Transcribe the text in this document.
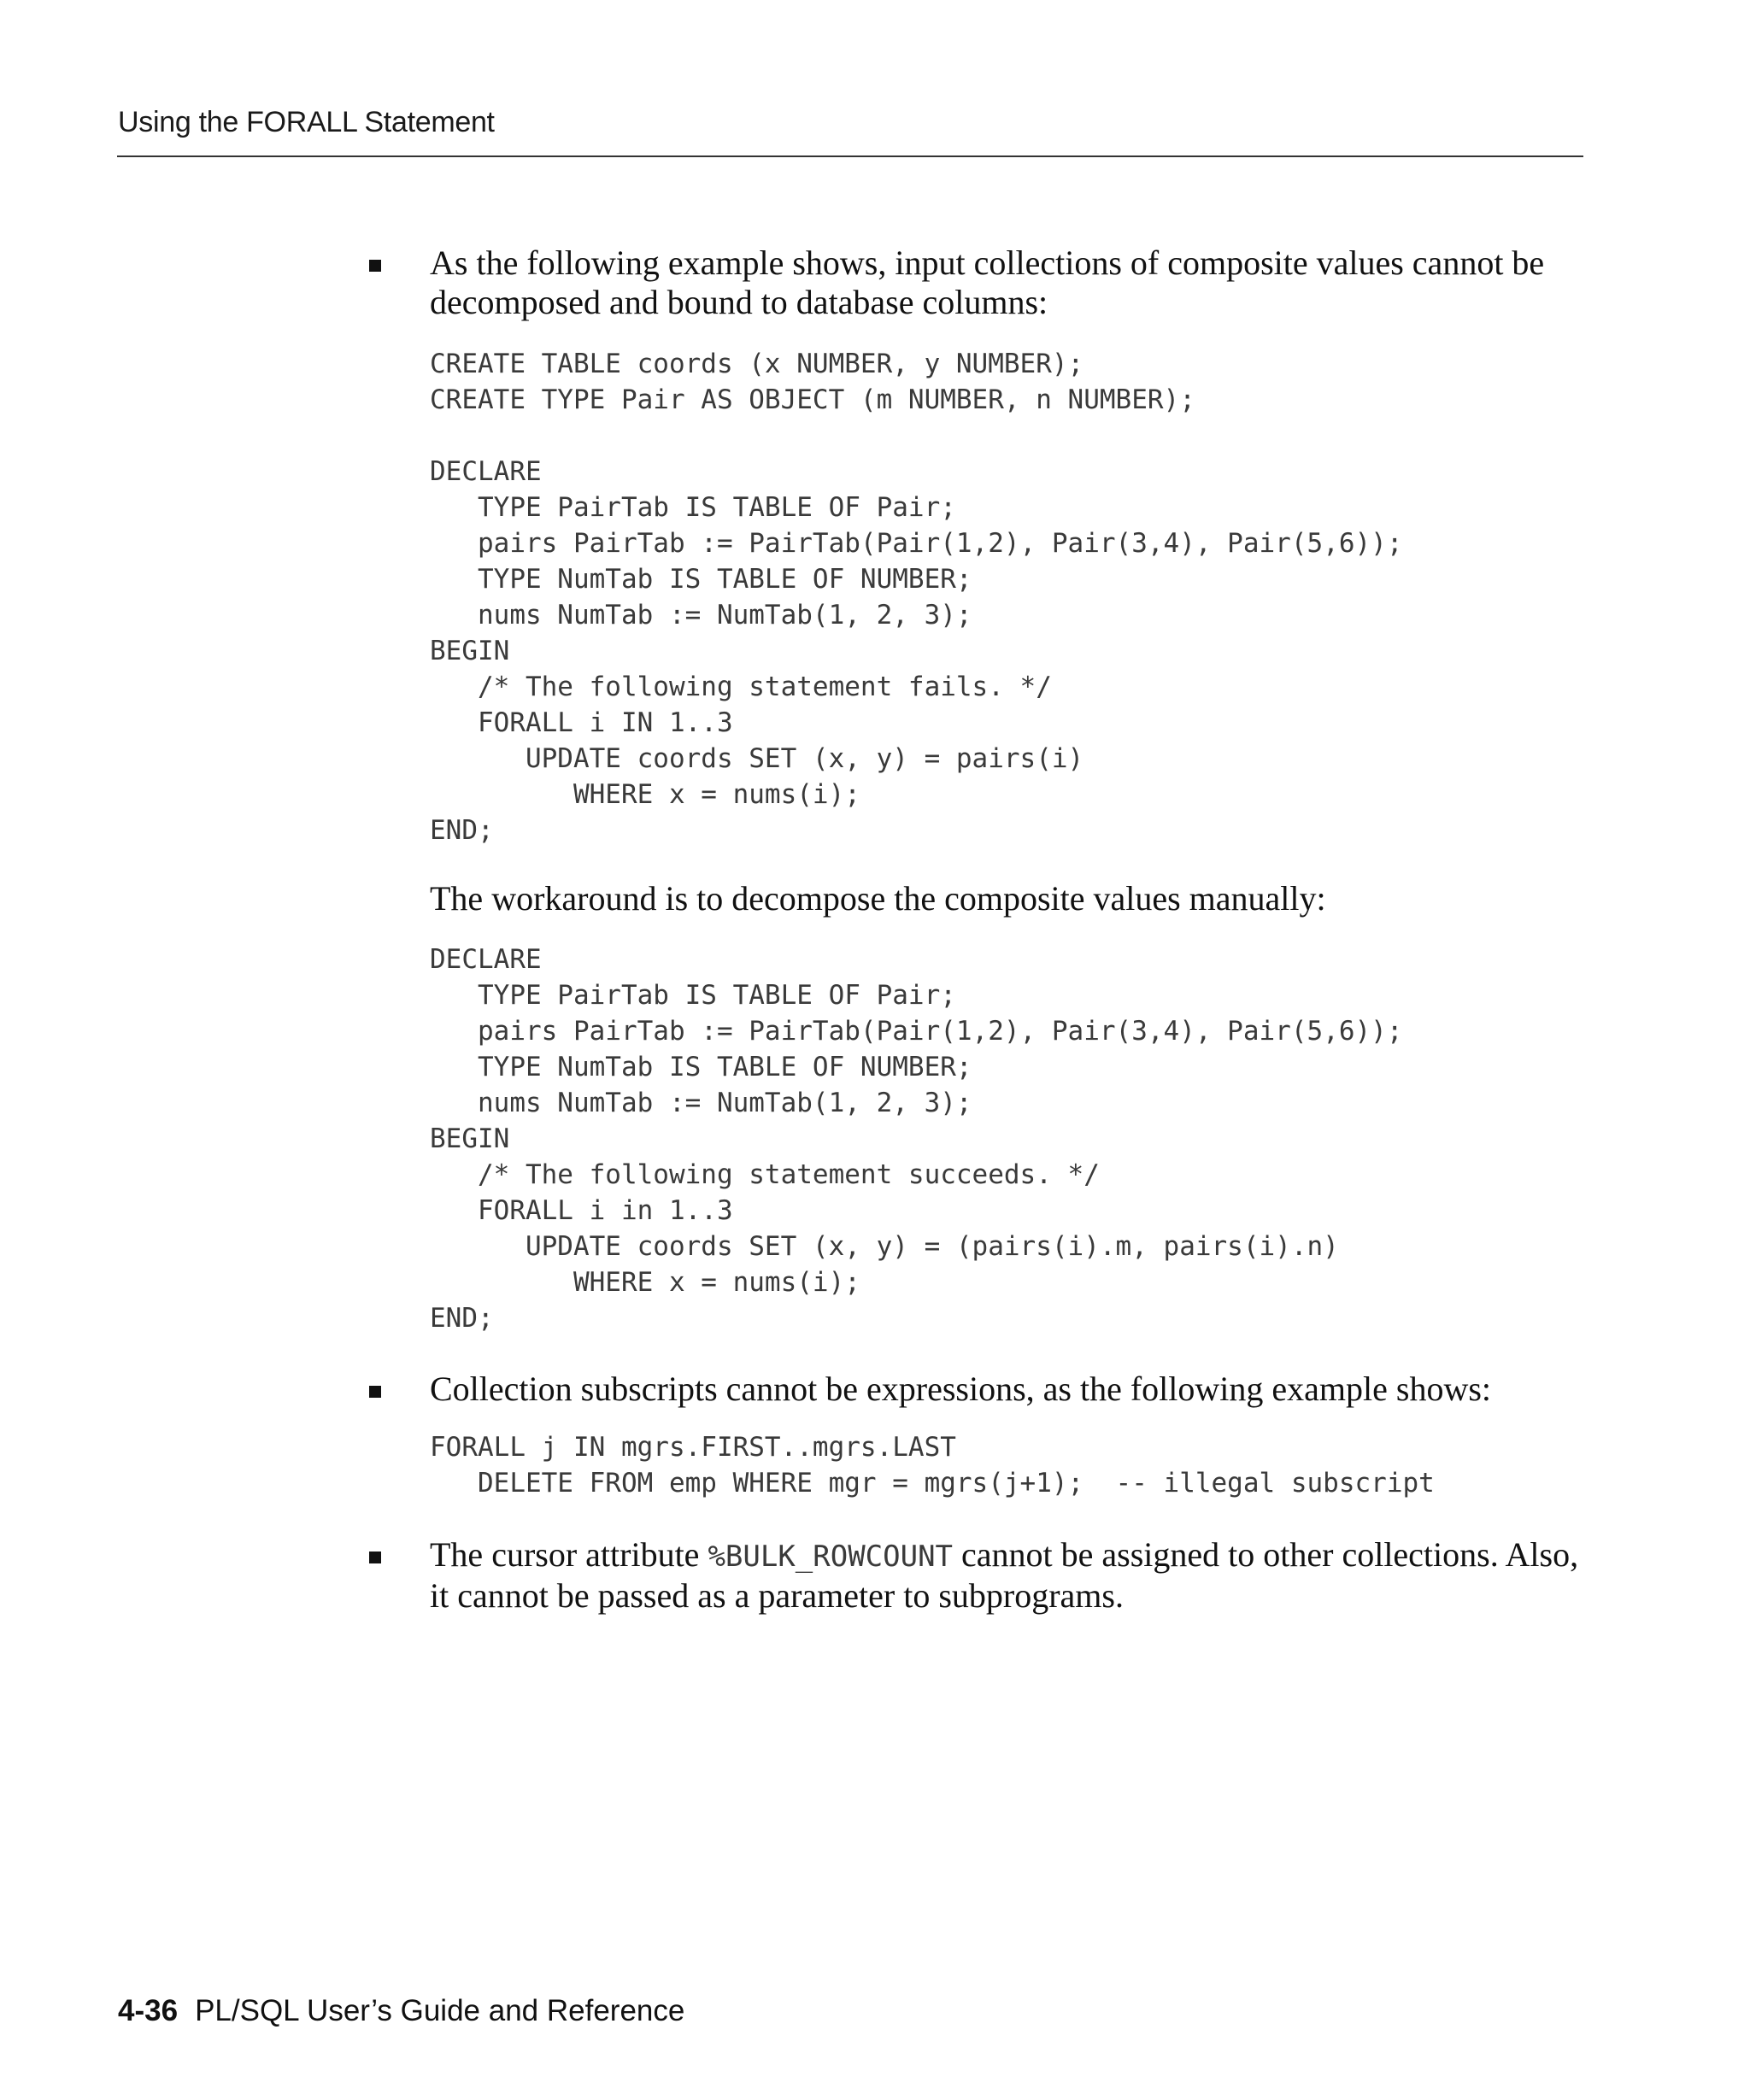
Using the FORALL Statement

As the following example shows, input collections of composite values cannot be decomposed and bound to database columns:

CREATE TABLE coords (x NUMBER, y NUMBER);
CREATE TYPE Pair AS OBJECT (m NUMBER, n NUMBER);
DECLARE
TYPE PairTab IS TABLE OF Pair;
pairs PairTab := PairTab(Pair(1,2), Pair(3,4), Pair(5,6));
TYPE NumTab IS TABLE OF NUMBER;
nums NumTab := NumTab(1, 2, 3);
BEGIN
/* The following statement fails. */
FORALL i IN 1..3
UPDATE coords SET (x, y) = pairs(i)
WHERE x = nums(i);
END;

The workaround is to decompose the composite values manually:

DECLARE
TYPE PairTab IS TABLE OF Pair;
pairs PairTab := PairTab(Pair(1,2), Pair(3,4), Pair(5,6));
TYPE NumTab IS TABLE OF NUMBER;
nums NumTab := NumTab(1, 2, 3);
BEGIN
/* The following statement succeeds. */
FORALL i in 1..3
UPDATE coords SET (x, y) = (pairs(i).m, pairs(i).n)
WHERE x = nums(i);
END;

Collection subscripts cannot be expressions, as the following example shows:

FORALL j IN mgrs.FIRST..mgrs.LAST
DELETE FROM emp WHERE mgr = mgrs(j+1);  -- illegal subscript

The cursor attribute %BULK_ROWCOUNT cannot be assigned to other collections. Also, it cannot be passed as a parameter to subprograms.

4-36 PL/SQL User’s Guide and Reference
